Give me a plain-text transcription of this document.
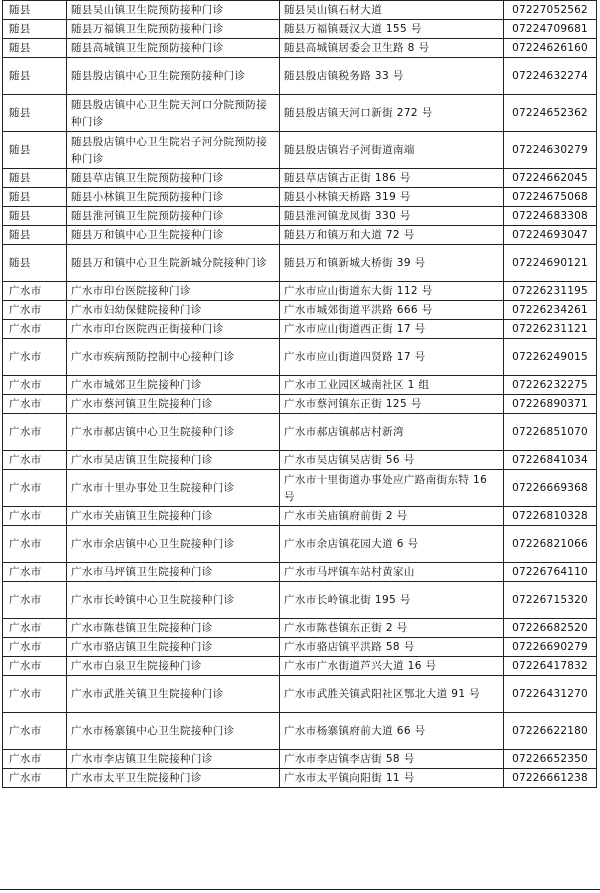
随县	随县吴山镇卫生院预防接种门诊	随县吴山镇石材大道	07227052562
随县	随县万福镇卫生院预防接种门诊	随县万福镇聂汉大道 155 号	07224709681
随县	随县高城镇卫生院预防接种门诊	随县高城镇居委会卫生路 8 号	07224626160
随县	随县殷店镇中心卫生院预防接种门诊	随县殷店镇税务路 33 号	07224632274
随县	随县殷店镇中心卫生院天河口分院预防接种门诊	随县殷店镇天河口新街 272 号	07224652362
随县	随县殷店镇中心卫生院岩子河分院预防接种门诊	随县殷店镇岩子河街道南端	07224630279
随县	随县草店镇卫生院预防接种门诊	随县草店镇古正街 186 号	07224662045
随县	随县小林镇卫生院预防接种门诊	随县小林镇天桥路 319 号	07224675068
随县	随县淮河镇卫生院预防接种门诊	随县淮河镇龙凤街 330 号	07224683308
随县	随县万和镇中心卫生院接种门诊	随县万和镇万和大道 72 号	07224693047
随县	随县万和镇中心卫生院新城分院接种门诊	随县万和镇新城大桥街 39 号	07224690121
广水市	广水市印台医院接种门诊	广水市应山街道东大街 112 号	07226231195
广水市	广水市妇幼保健院接种门诊	广水市城郊街道平洪路 666 号	07226234261
广水市	广水市印台医院西正街接种门诊	广水市应山街道西正街 17 号	07226231121
广水市	广水市疾病预防控制中心接种门诊	广水市应山街道四贤路 17 号	07226249015
广水市	广水市城郊卫生院接种门诊	广水市工业园区城南社区 1 组	07226232275
广水市	广水市蔡河镇卫生院接种门诊	广水市蔡河镇东正街 125 号	07226890371
广水市	广水市郝店镇中心卫生院接种门诊	广水市郝店镇郝店村新湾	07226851070
广水市	广水市吴店镇卫生院接种门诊	广水市吴店镇吴店街 56 号	07226841034
广水市	广水市十里办事处卫生院接种门诊	广水市十里街道办事处应广路南街东特 16 号	07226669368
广水市	广水市关庙镇卫生院接种门诊	广水市关庙镇府前街 2 号	07226810328
广水市	广水市余店镇中心卫生院接种门诊	广水市余店镇花园大道 6 号	07226821066
广水市	广水市马坪镇卫生院接种门诊	广水市马坪镇车站村黄家山	07226764110
广水市	广水市长岭镇中心卫生院接种门诊	广水市长岭镇北街 195 号	07226715320
广水市	广水市陈巷镇卫生院接种门诊	广水市陈巷镇东正街 2 号	07226682520
广水市	广水市骆店镇卫生院接种门诊	广水市骆店镇平洪路 58 号	07226690279
广水市	广水市白泉卫生院接种门诊	广水市广水街道芦兴大道 16 号	07226417832
广水市	广水市武胜关镇卫生院接种门诊	广水市武胜关镇武阳社区鄂北大道 91 号	07226431270
广水市	广水市杨寨镇中心卫生院接种门诊	广水市杨寨镇府前大道 66 号	07226622180
广水市	广水市李店镇卫生院接种门诊	广水市李店镇李店街 58 号	07226652350
广水市	广水市太平卫生院接种门诊	广水市太平镇向阳街 11 号	07226661238
